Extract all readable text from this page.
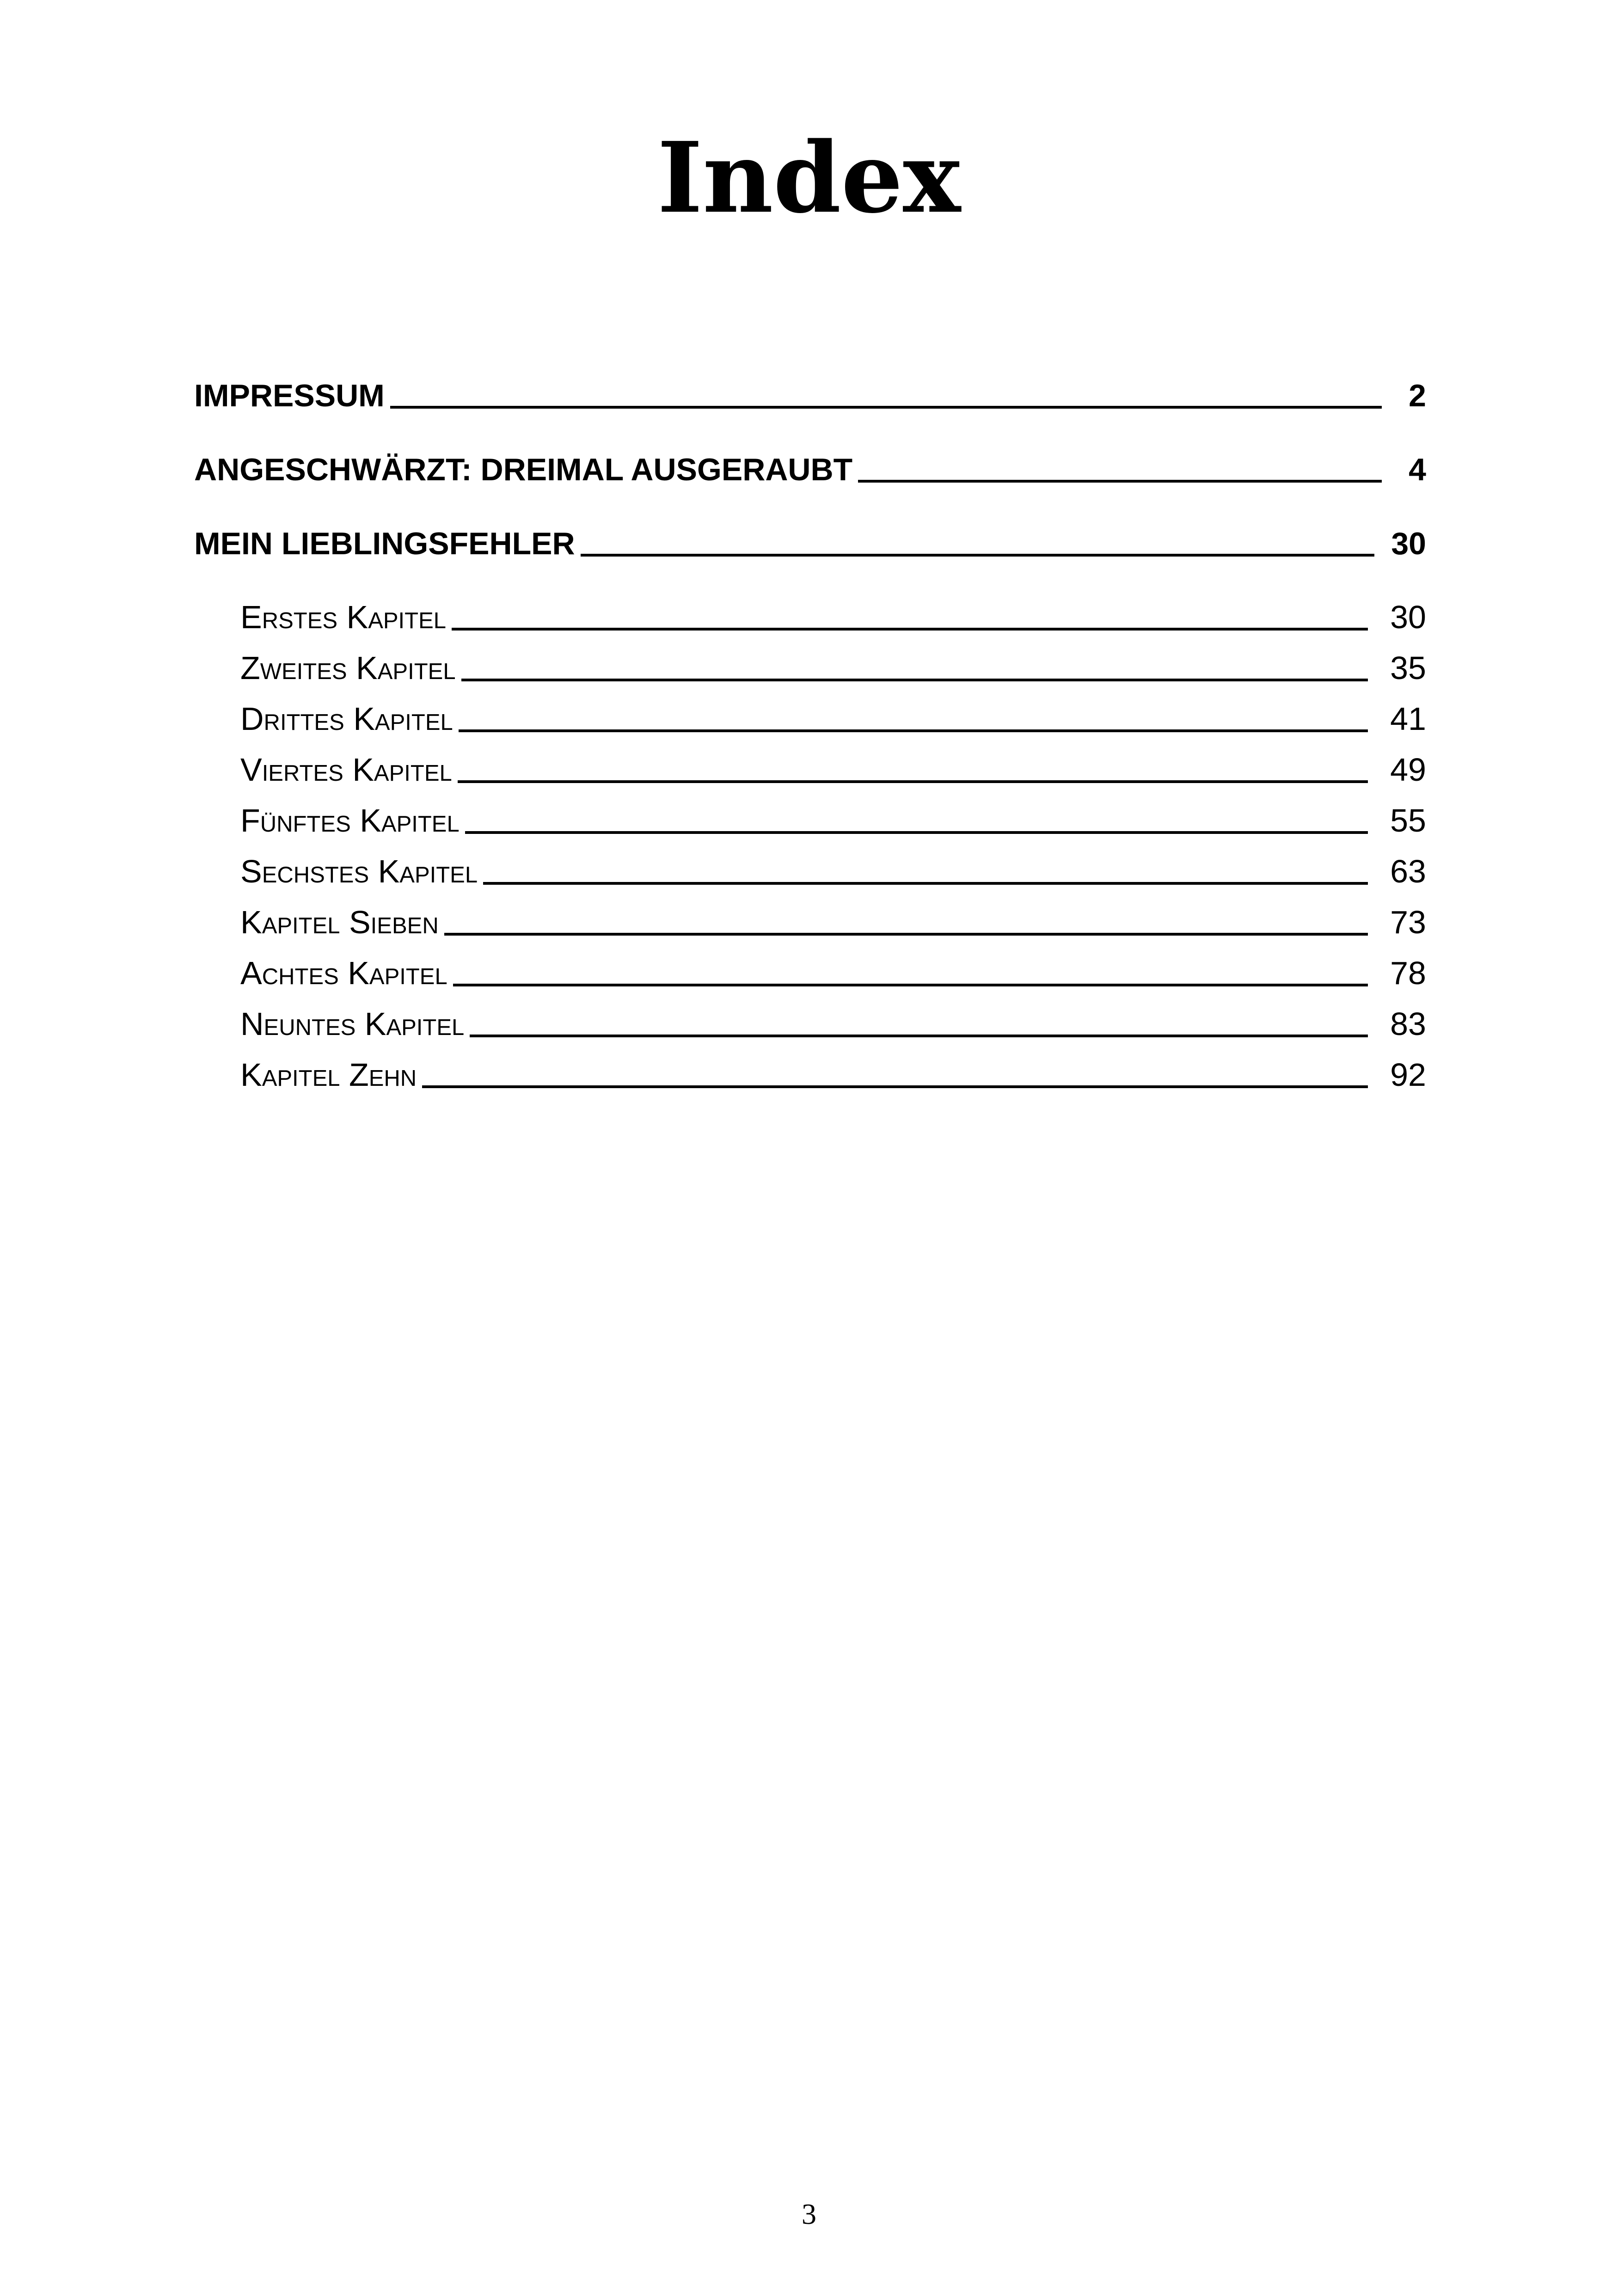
Index
IMPRESSUM	2
ANGESCHWÄRZT: DREIMAL AUSGERAUBT	4
MEIN LIEBLINGSFEHLER	30
Erstes Kapitel	30
Zweites Kapitel	35
Drittes Kapitel	41
Viertes Kapitel	49
Fünftes Kapitel	55
Sechstes Kapitel	63
Kapitel Sieben	73
Achtes Kapitel	78
Neuntes Kapitel	83
Kapitel Zehn	92
3
